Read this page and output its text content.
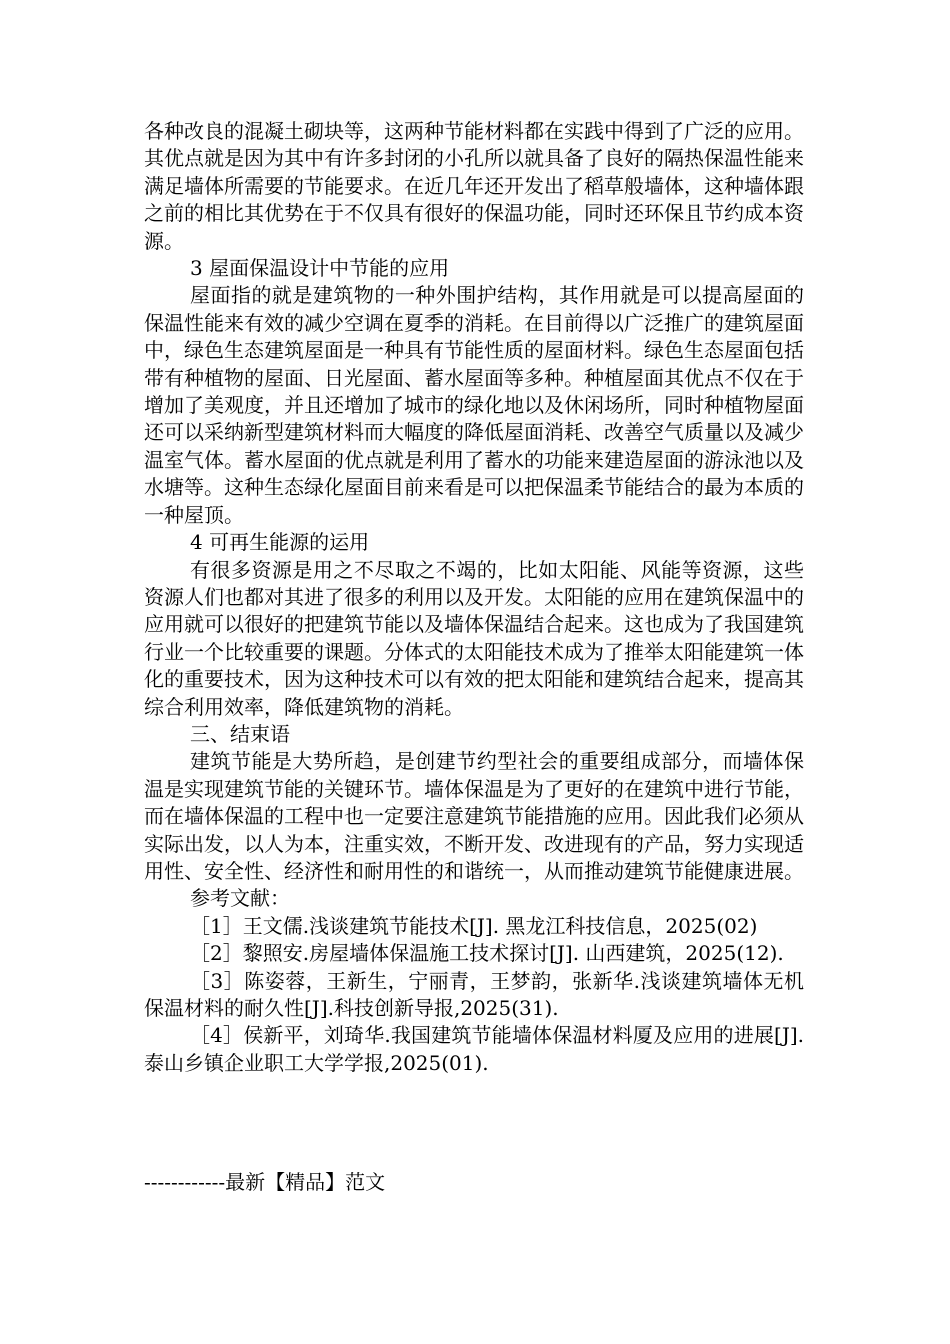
各种改良的混凝土砌块等，这两种节能材料都在实践中得到了广泛的应用。其优点就是因为其中有许多封闭的小孔所以就具备了良好的隔热保温性能来满足墙体所需要的节能要求。在近几年还开发出了稻草般墙体，这种墙体跟之前的相比其优势在于不仅具有很好的保温功能，同时还环保且节约成本资源。

3 屋面保温设计中节能的应用

屋面指的就是建筑物的一种外围护结构，其作用就是可以提高屋面的保温性能来有效的减少空调在夏季的消耗。在目前得以广泛推广的建筑屋面中，绿色生态建筑屋面是一种具有节能性质的屋面材料。绿色生态屋面包括带有种植物的屋面、日光屋面、蓄水屋面等多种。种植屋面其优点不仅在于增加了美观度，并且还增加了城市的绿化地以及休闲场所，同时种植物屋面还可以采纳新型建筑材料而大幅度的降低屋面消耗、改善空气质量以及减少温室气体。蓄水屋面的优点就是利用了蓄水的功能来建造屋面的游泳池以及水塘等。这种生态绿化屋面目前来看是可以把保温柔节能结合的最为本质的一种屋顶。

4 可再生能源的运用

有很多资源是用之不尽取之不竭的，比如太阳能、风能等资源，这些资源人们也都对其进了很多的利用以及开发。太阳能的应用在建筑保温中的应用就可以很好的把建筑节能以及墙体保温结合起来。这也成为了我国建筑行业一个比较重要的课题。分体式的太阳能技术成为了推举太阳能建筑一体化的重要技术，因为这种技术可以有效的把太阳能和建筑结合起来，提高其综合利用效率，降低建筑物的消耗。

三、结束语

建筑节能是大势所趋，是创建节约型社会的重要组成部分，而墙体保温是实现建筑节能的关键环节。墙体保温是为了更好的在建筑中进行节能，而在墙体保温的工程中也一定要注意建筑节能措施的应用。因此我们必须从实际出发，以人为本，注重实效，不断开发、改进现有的产品，努力实现适用性、安全性、经济性和耐用性的和谐统一，从而推动建筑节能健康进展。

参考文献：

［1］王文儒.浅谈建筑节能技术[J]. 黑龙江科技信息，2025(02)

［2］黎照安.房屋墙体保温施工技术探讨[J]. 山西建筑，2025(12).

［3］陈姿蓉，王新生，宁丽青，王梦韵，张新华.浅谈建筑墙体无机保温材料的耐久性[J].科技创新导报,2025(31).

［4］侯新平，刘琦华.我国建筑节能墙体保温材料厦及应用的进展[J]. 泰山乡镇企业职工大学学报,2025(01).

------------最新【精品】范文
